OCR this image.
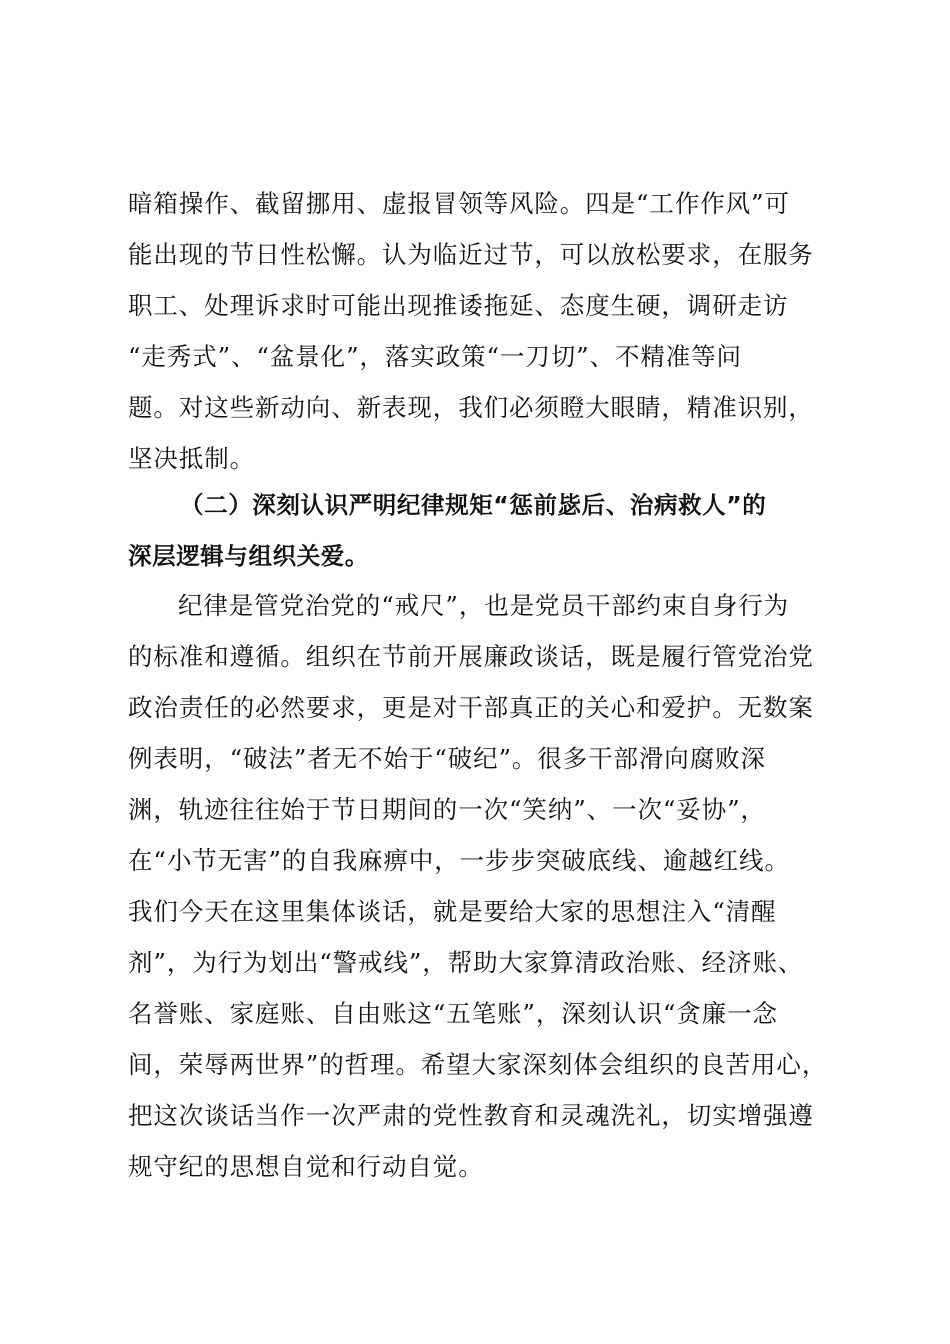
暗箱操作、截留挪用、虚报冒领等风险。四是“工作作风”可
能出现的节日性松懈。认为临近过节，可以放松要求，在服务
职工、处理诉求时可能出现推诿拖延、态度生硬，调研走访
“走秀式”、“盆景化”，落实政策“一刀切”、不精准等问
题。对这些新动向、新表现，我们必须瞪大眼睛，精准识别，
坚决抵制。
（二）深刻认识严明纪律规矩“惩前毖后、治病救人”的
深层逻辑与组织关爱。
纪律是管党治党的“戒尺”，也是党员干部约束自身行为
的标准和遵循。组织在节前开展廉政谈话，既是履行管党治党
政治责任的必然要求，更是对干部真正的关心和爱护。无数案
例表明，“破法”者无不始于“破纪”。很多干部滑向腐败深
渊，轨迹往往始于节日期间的一次“笑纳”、一次“妥协”，
在“小节无害”的自我麻痹中，一步步突破底线、逾越红线。
我们今天在这里集体谈话，就是要给大家的思想注入“清醒
剂”，为行为划出“警戒线”，帮助大家算清政治账、经济账、
名誉账、家庭账、自由账这“五笔账”，深刻认识“贪廉一念
间，荣辱两世界”的哲理。希望大家深刻体会组织的良苦用心，
把这次谈话当作一次严肃的党性教育和灵魂洗礼，切实增强遵
规守纪的思想自觉和行动自觉。
